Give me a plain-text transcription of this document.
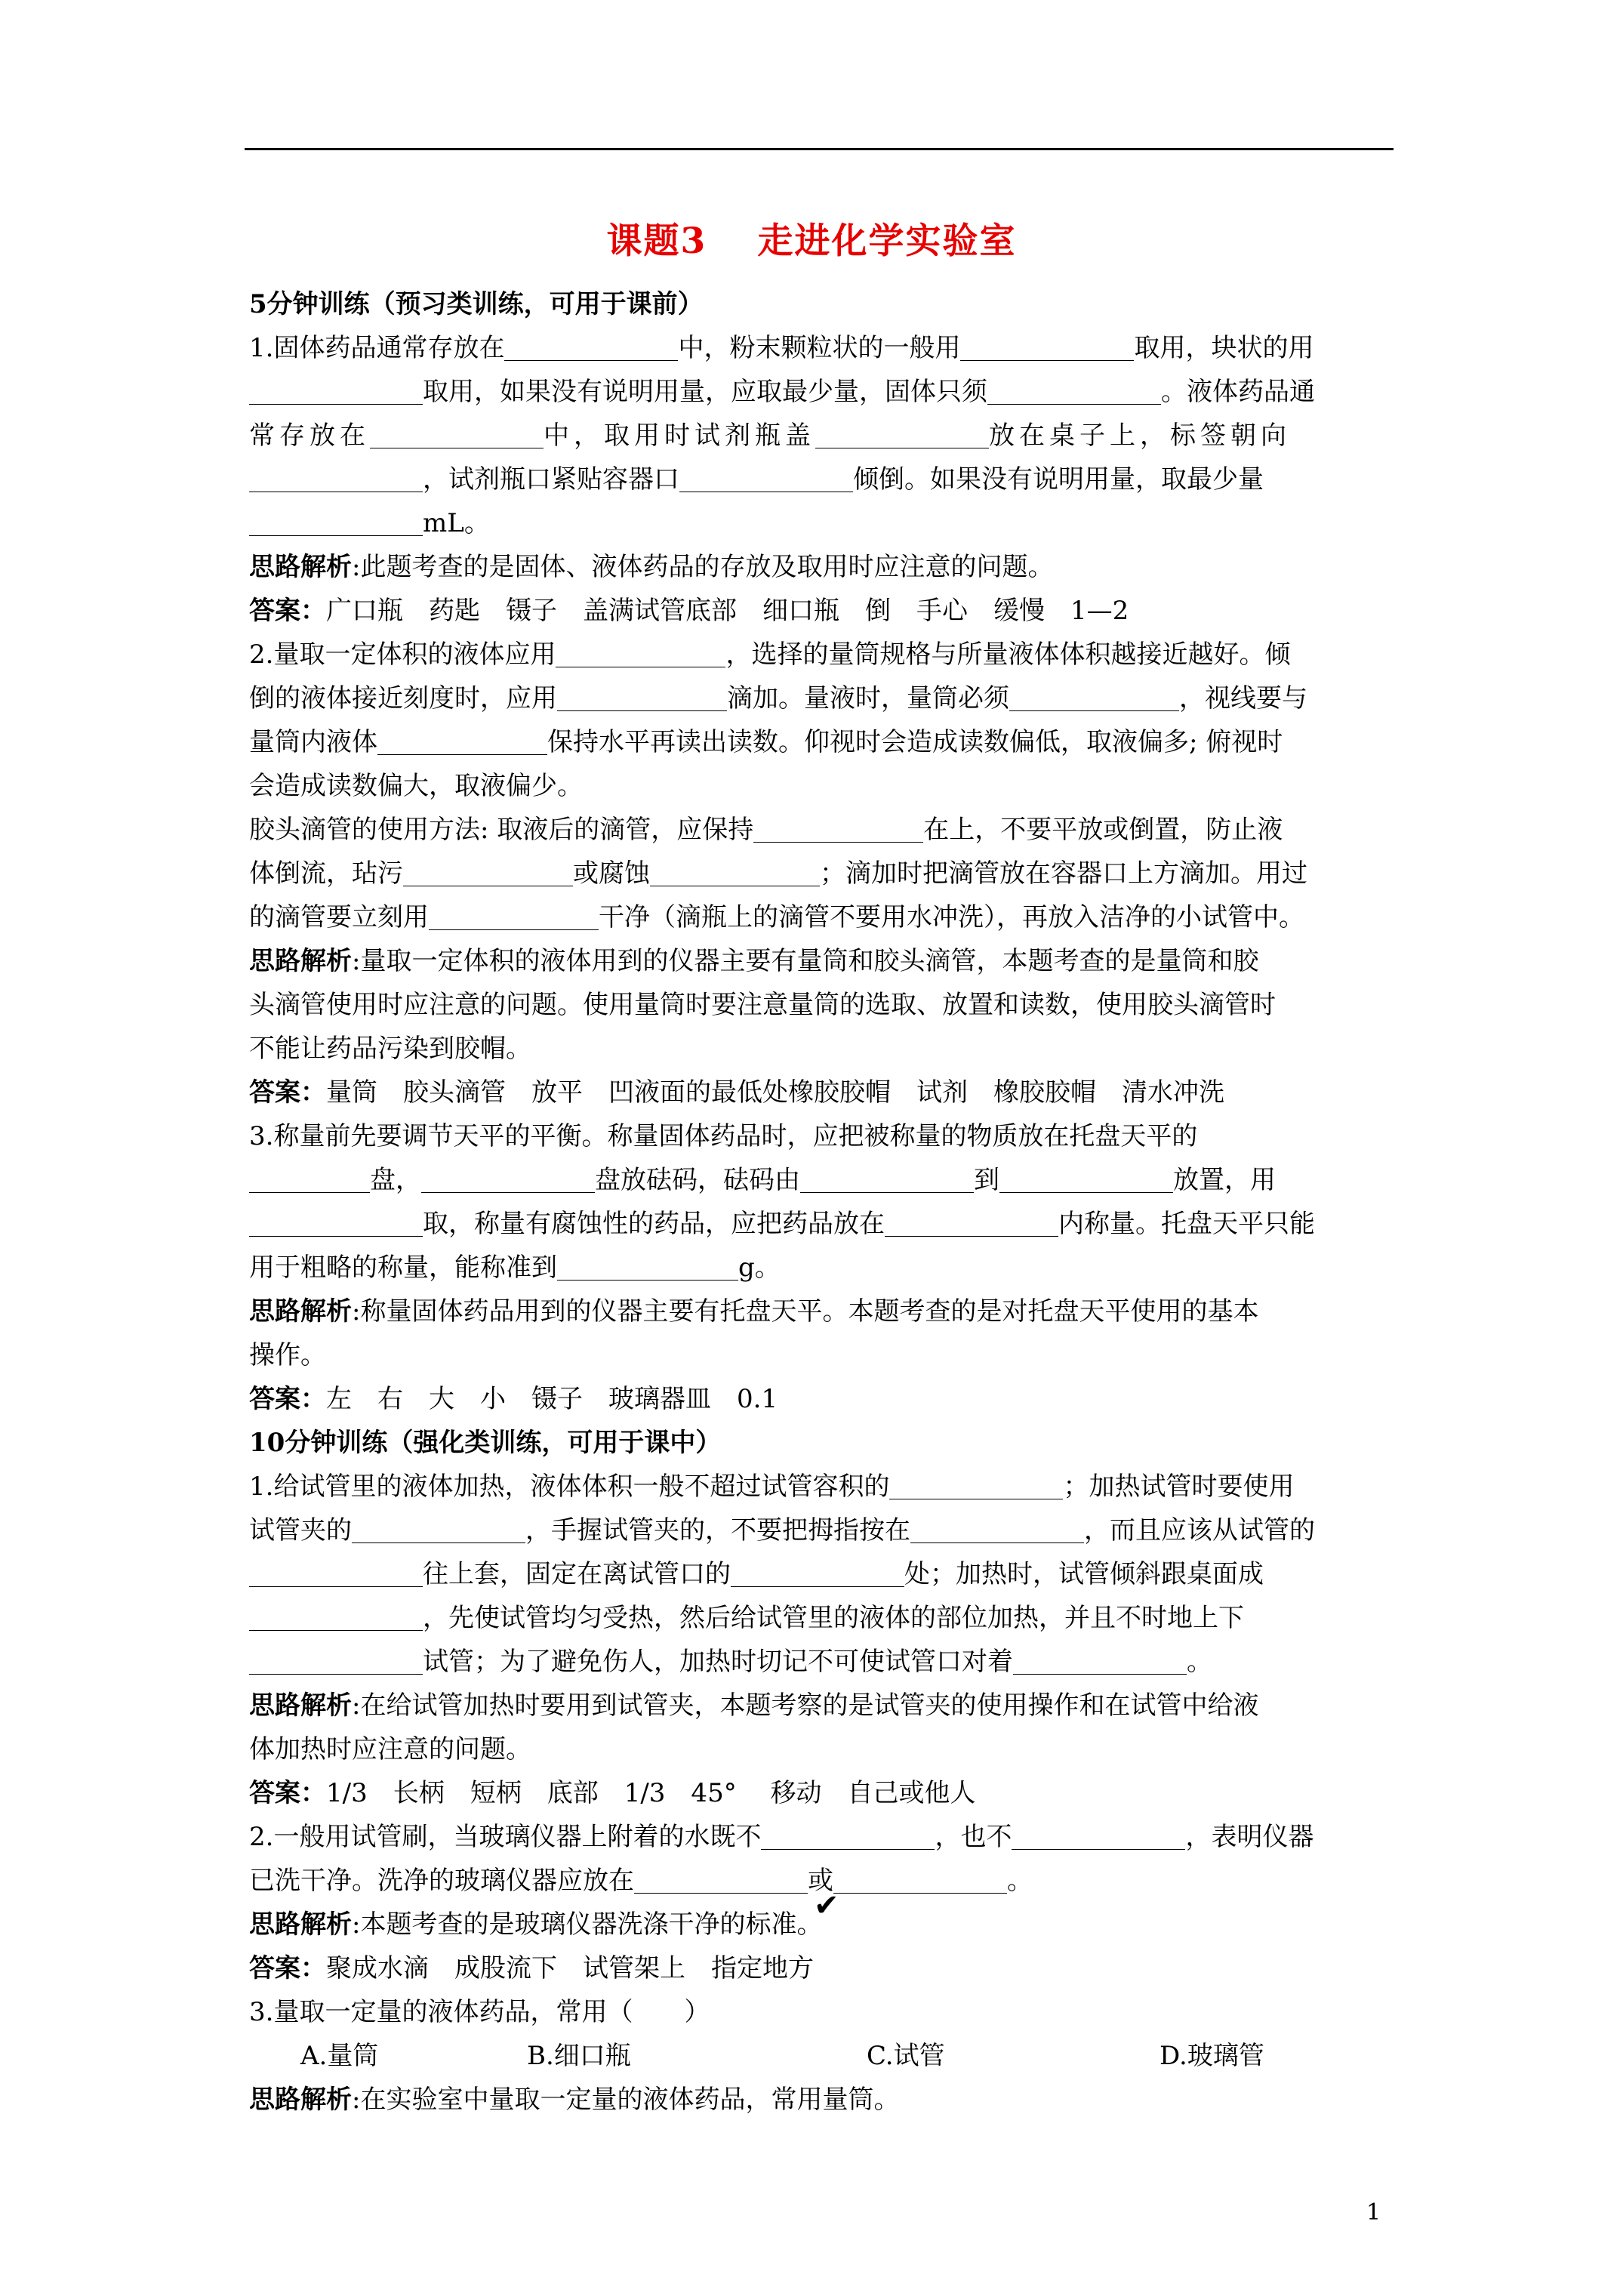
课题3　 走进化学实验室
5分钟训练（预习类训练，可用于课前）
1.固体药品通常存放在	中，粉末颗粒状的一般用	取用，块状的用
取用，如果没有说明用量，应取最少量，固体只须	。液体药品通
常存放在	中，取用时试剂瓶盖	放在桌子上，标签朝向
，试剂瓶口紧贴容器口	倾倒。如果没有说明用量，取最少量
mL。
思路解析:此题考查的是固体、液体药品的存放及取用时应注意的问题。
答案：广口瓶　药匙　镊子　盖满试管底部　细口瓶　倒　手心　缓慢　1—2
2.量取一定体积的液体应用	，选择的量筒规格与所量液体体积越接近越好。倾
倒的液体接近刻度时，应用	滴加。量液时，量筒必须	，视线要与
量筒内液体	保持水平再读出读数。仰视时会造成读数偏低，取液偏多; 俯视时
会造成读数偏大，取液偏少。
胶头滴管的使用方法: 取液后的滴管，应保持	在上，不要平放或倒置，防止液
体倒流，玷污	或腐蚀	；滴加时把滴管放在容器口上方滴加。用过
的滴管要立刻用	干净（滴瓶上的滴管不要用水冲洗），再放入洁净的小试管中。
思路解析:量取一定体积的液体用到的仪器主要有量筒和胶头滴管，本题考查的是量筒和胶
头滴管使用时应注意的问题。使用量筒时要注意量筒的选取、放置和读数，使用胶头滴管时
不能让药品污染到胶帽。
答案：量筒　胶头滴管　放平　凹液面的最低处橡胶胶帽　试剂　橡胶胶帽　清水冲洗
3.称量前先要调节天平的平衡。称量固体药品时，应把被称量的物质放在托盘天平的
盘，	盘放砝码，砝码由	到	放置，用
取，称量有腐蚀性的药品，应把药品放在	内称量。托盘天平只能
用于粗略的称量，能称准到	g。
思路解析:称量固体药品用到的仪器主要有托盘天平。本题考查的是对托盘天平使用的基本
操作。
答案：左　右　大　小　镊子　玻璃器皿　0.1
10分钟训练（强化类训练，可用于课中）
1.给试管里的液体加热，液体体积一般不超过试管容积的	；加热试管时要使用
试管夹的	，手握试管夹的，不要把拇指按在	，而且应该从试管的
往上套，固定在离试管口的	处；加热时，试管倾斜跟桌面成
，先使试管均匀受热，然后给试管里的液体的部位加热，并且不时地上下
试管；为了避免伤人，加热时切记不可使试管口对着	。
思路解析:在给试管加热时要用到试管夹，本题考察的是试管夹的使用操作和在试管中给液
体加热时应注意的问题。
答案：1/3　长柄　短柄　底部　1/3　45°　 移动　自己或他人
2.一般用试管刷，当玻璃仪器上附着的水既不	，也不	，表明仪器
已洗干净。洗净的玻璃仪器应放在	或	。
思路解析:本题考查的是玻璃仪器洗涤干净的标准。
答案：聚成水滴　成股流下　试管架上　指定地方
3.量取一定量的液体药品，常用（　　）
A.量筒	B.细口瓶	C.试管	D.玻璃管
思路解析:在实验室中量取一定量的液体药品，常用量筒。
✔
1
